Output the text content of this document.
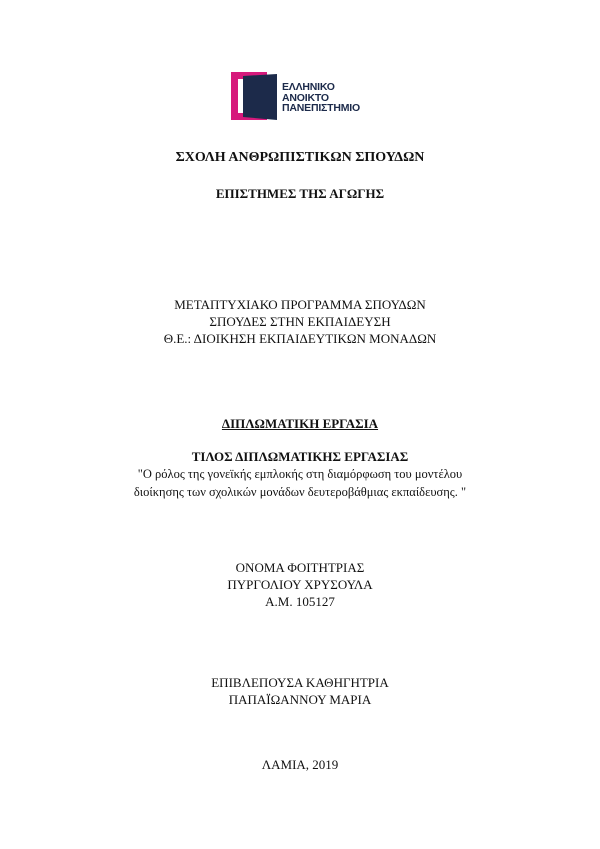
ΕΛΛΗΝΙΚΟ
ΑΝΟΙΚΤΟ
ΠΑΝΕΠΙΣΤΗΜΙΟ
ΣΧΟΛΗ ΑΝΘΡΩΠΙΣΤΙΚΩΝ ΣΠΟΥΔΩΝ
ΕΠΙΣΤΗΜΕΣ ΤΗΣ ΑΓΩΓΗΣ
ΜΕΤΑΠΤΥΧΙΑΚΟ ΠΡΟΓΡΑΜΜΑ ΣΠΟΥΔΩΝ
ΣΠΟΥΔΕΣ ΣΤΗΝ ΕΚΠΑΙΔΕΥΣΗ
Θ.Ε.: ΔΙΟΙΚΗΣΗ ΕΚΠΑΙΔΕΥΤΙΚΩΝ ΜΟΝΑΔΩΝ
ΔΙΠΛΩΜΑΤΙΚΗ ΕΡΓΑΣΙΑ
ΤΙΛΟΣ ΔΙΠΛΩΜΑΤΙΚΗΣ ΕΡΓΑΣΙΑΣ
"Ο ρόλος της γονεϊκής εμπλοκής στη διαμόρφωση του μοντέλου
διοίκησης των σχολικών μονάδων δευτεροβάθμιας εκπαίδευσης. "
ΟΝΟΜΑ ΦΟΙΤΗΤΡΙΑΣ
ΠΥΡΓΟΛΙΟΥ ΧΡΥΣΟΥΛΑ
Α.Μ. 105127
ΕΠΙΒΛΕΠΟΥΣΑ ΚΑΘΗΓΗΤΡΙΑ
ΠΑΠΑΪΩΑΝΝΟΥ ΜΑΡΙΑ
ΛΑΜΙΑ, 2019
